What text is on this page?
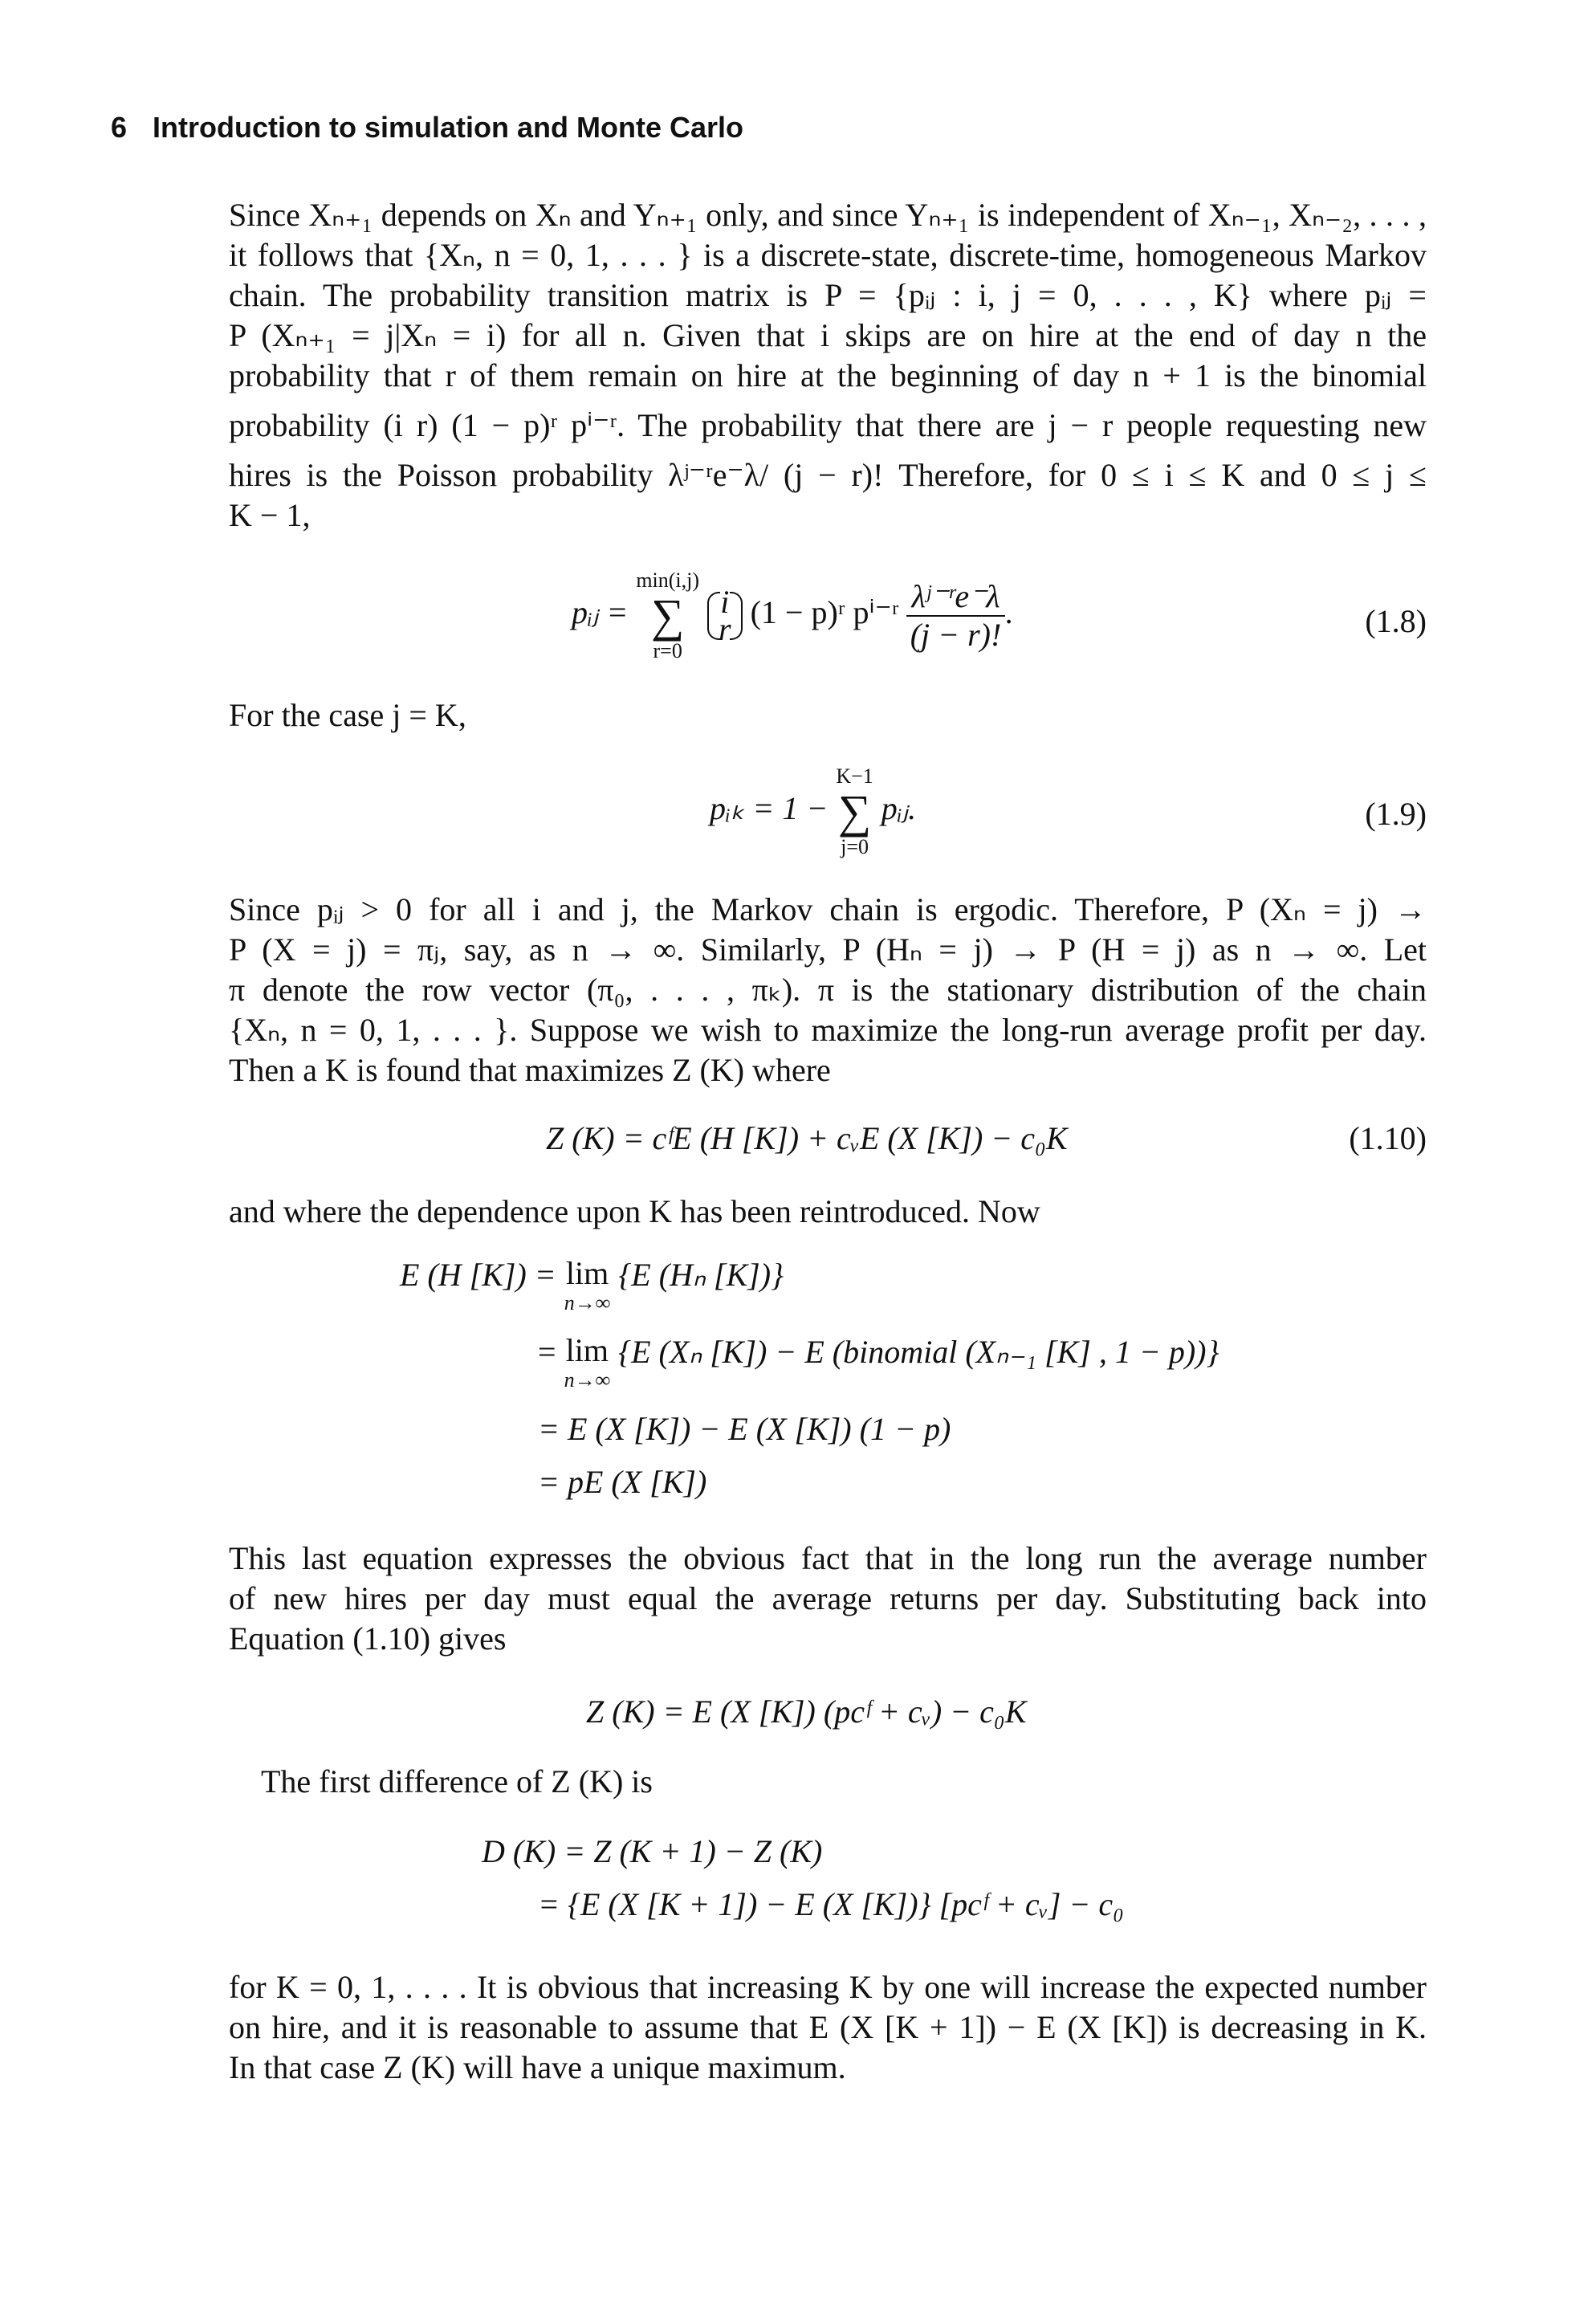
6 Introduction to simulation and Monte Carlo
Since Xₙ₊₁ depends on Xₙ and Yₙ₊₁ only, and since Yₙ₊₁ is independent of Xₙ₋₁, Xₙ₋₂, . . . ,
it follows that {Xₙ, n = 0, 1, . . . } is a discrete-state, discrete-time, homogeneous Markov
chain. The probability transition matrix is P = {pᵢⱼ : i, j = 0, . . . , K} where pᵢⱼ =
P (Xₙ₊₁ = j|Xₙ = i) for all n. Given that i skips are on hire at the end of day n the
probability that r of them remain on hire at the beginning of day n + 1 is the binomial
probability (i r) (1 − p)ʳ pⁱ⁻ʳ. The probability that there are j − r people requesting new
hires is the Poisson probability λʲ⁻ʳe⁻λ/ (j − r)! Therefore, for 0 ≤ i ≤ K and 0 ≤ j ≤
K − 1,
pᵢⱼ =
min(i,j)
∑
r=0

i
r (1 − p)ʳ pⁱ⁻ʳ $\frac{\text{λʲ⁻ʳe⁻λ}}{(j - r)!}$ .	(1.8)
For the case j = K,
pᵢₖ = 1 −
K−1
∑
j=0
pᵢⱼ.	(1.9)
Since pᵢⱼ > 0 for all i and j, the Markov chain is ergodic. Therefore, P (Xₙ = j) →
P (X = j) = πⱼ, say, as n → ∞. Similarly, P (Hₙ = j) → P (H = j) as n → ∞. Let
π denote the row vector (π₀, . . . , πₖ). π is the stationary distribution of the chain
{Xₙ, n = 0, 1, . . . }. Suppose we wish to maximize the long-run average profit per day.
Then a K is found that maximizes Z (K) where
Z (K) = cᶠE (H [K]) + cᵥE (X [K]) − c₀K	(1.10)
and where the dependence upon K has been reintroduced. Now
E (H [K]) = lim
n→∞
{E (Hₙ [K])}
= lim
n→∞
{E (Xₙ [K]) − E (binomial (Xₙ₋₁ [K] , 1 − p))}
= E (X [K]) − E (X [K]) (1 − p)
= pE (X [K])
This last equation expresses the obvious fact that in the long run the average number
of new hires per day must equal the average returns per day. Substituting back into
Equation (1.10) gives
Z (K) = E (X [K]) (pcᶠ + cᵥ) − c₀K
The first difference of Z (K) is
D (K) = Z (K + 1) − Z (K)
= {E (X [K + 1]) − E (X [K])} [pcᶠ + cᵥ] − c₀
for K = 0, 1, . . . . It is obvious that increasing K by one will increase the expected number
on hire, and it is reasonable to assume that E (X [K + 1]) − E (X [K]) is decreasing in K.
In that case Z (K) will have a unique maximum.
